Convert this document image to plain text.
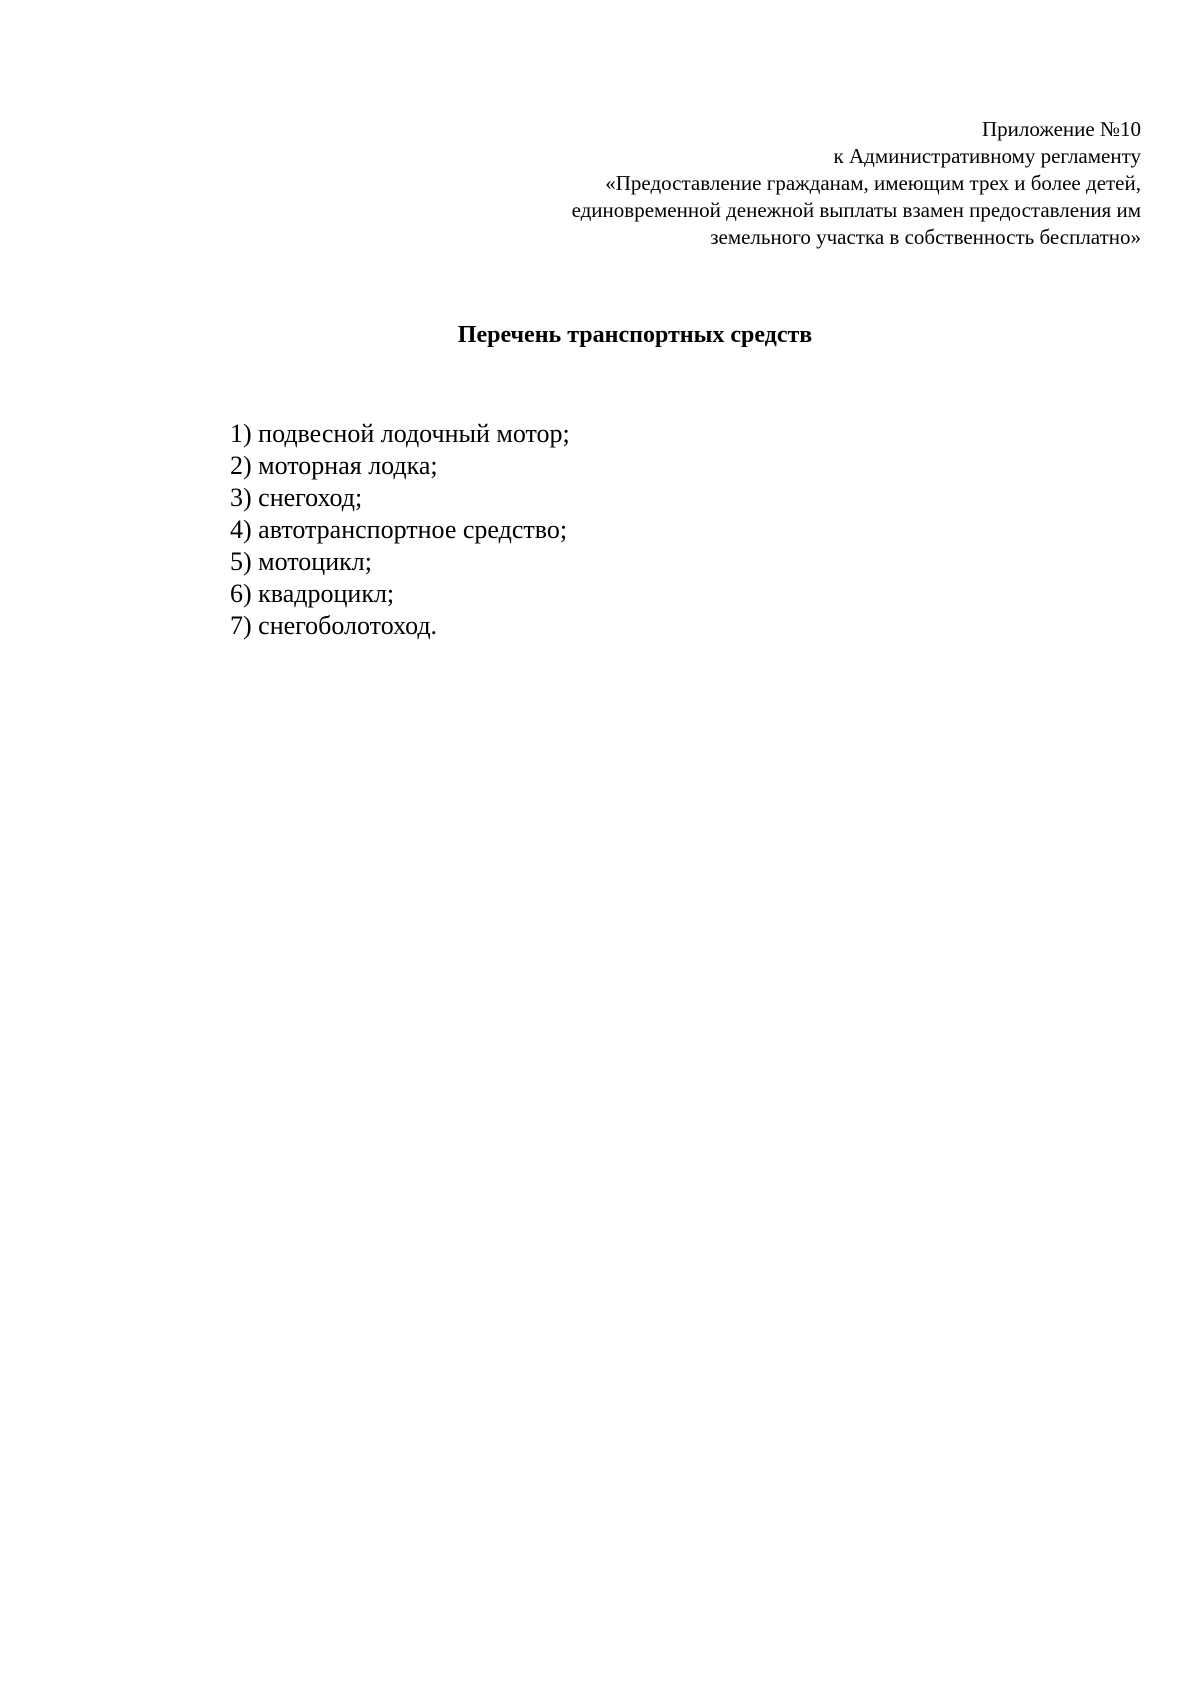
Приложение №10
к Административному регламенту
«Предоставление гражданам, имеющим трех и более детей,
единовременной денежной выплаты взамен предоставления им
земельного участка в собственность бесплатно»
Перечень транспортных средств
1) подвесной лодочный мотор;
2) моторная лодка;
3) снегоход;
4) автотранспортное средство;
5) мотоцикл;
6) квадроцикл;
7) снегоболотоход.
